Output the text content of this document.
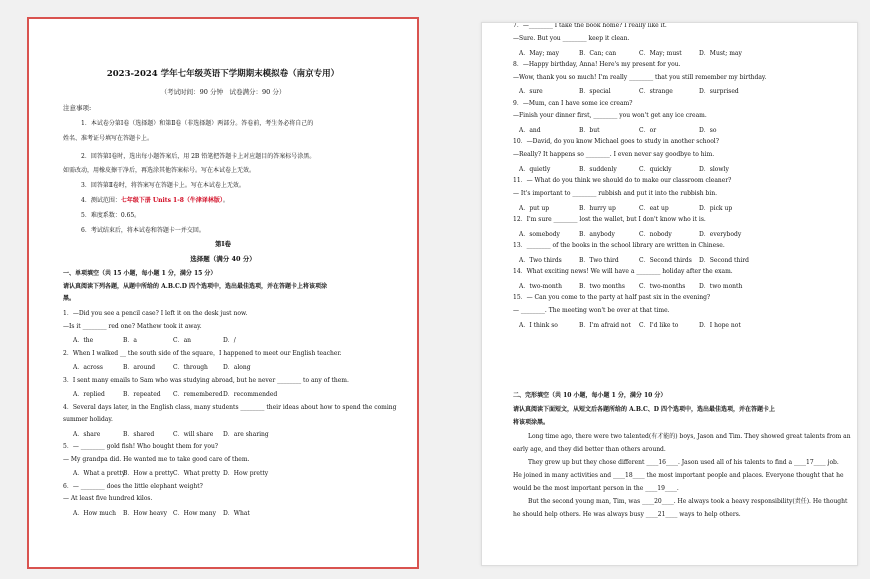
2023-2024 学年七年级英语下学期期末模拟卷（南京专用）
（考试时间：90 分钟　试卷满分：90 分）
注意事项:
1．本试卷分第Ⅰ卷（选择题）和第Ⅱ卷（非选择题）两部分。答卷前，考生务必将自己的
姓名、准考证号填写在答题卡上。
2．回答第Ⅰ卷时，选出每小题答案后，用 2B 铅笔把答题卡上对应题目的答案标号涂黑。
如需改动，用橡皮擦干净后，再选涂其他答案标号。写在本试卷上无效。
3．回答第Ⅱ卷时，将答案写在答题卡上。写在本试卷上无效。
4．测试范围：七年级下册 Units 1-8（牛津译林版）。
5．难度系数：0.65。
6．考试结束后，将本试卷和答题卡一并交回。
第Ⅰ卷
选择题（满分 40 分）
一、单项填空（共 15 小题，每小题 1 分，满分 15 分）
请认真阅读下列各题，从题中所给的 A.B.C.D 四个选项中，选出最佳选项，并在答题卡上将该项涂
黑。
1．—Did you see a pencil case? I left it on the desk just now.
—Is it ________ red one? Mathew took it away.
A．the	B．a	C．an	D．/
2．When I walked __ the south side of the square，I happened to meet our English teacher.
A．across	B．around	C．through	D．along
3．I sent many emails to Sam who was studying abroad, but he never ________ to any of them.
A．replied	B．repeated C．remembered D．recommended
4．Several days later, in the English class, many students ________ their ideas about how to spend the coming
summer holiday.
A．share	B．shared	C．will share D．are sharing
5．— ________ gold fish! Who bought them for you?
— My grandpa did. He wanted me to take good care of them.
A．What a pretty
B．How a pretty C．What pretty D．How pretty
6．— ________ does the little elephant weight?
— At least five hundred kilos.
A．How much B．How heavy C．How many D．What
7．—________ I take the book home? I really like it.
—Sure. But you ________ keep it clean.
A．May; may	B．Can; can	C．May; must	D．Must; may
8．—Happy birthday, Anna! Here's my present for you.
—Wow, thank you so much! I'm really ________ that you still remember my birthday.
A．sure	B．special	C．strange	D．surprised
9．—Mum, can I have some ice cream?
—Finish your dinner first, ________ you won't get any ice cream.
A．and	B．but	C．or	D．so
10．—David, do you know Michael goes to study in another school?
—Really? It happens so ________. I even never say goodbye to him.
A．quietly	B．suddenly	C．quickly	D．slowly
11．— What do you think we should do to make our classroom cleaner?
— It's important to ________ rubbish and put it into the rubbish bin.
A．put up	B．hurry up	C．eat up	D．pick up
12．I'm sure ________ lost the wallet, but I don't know who it is.
A．somebody	B．anybody	C．nobody	D．everybody
13．________ of the books in the school library are written in Chinese.
A．Two thirds	B．Two third	C．Second thirds D．Second third
14．What exciting news! We will have a ________ holiday after the exam.
A．two-month	B．two months C．two-months D．two month
15．— Can you come to the party at half past six in the evening?
— ________. The meeting won't be over at that time.
A．I think so	B．I'm afraid not C．I'd like to	D．I hope not
二、完形填空（共 10 小题，每小题 1 分，满分 10 分）
请认真阅读下面短文，从短文后各题所给的 A.B.C、D 四个选项中，选出最佳选项，并在答题卡上
将该项涂黑。
Long time ago, there were two talented(有才能的) boys, Jason and Tim. They showed great talents from an
early age, and they did better than others around.
They grew up but they chose different ____16____. Jason used all of his talents to find a ____17____ job.
He joined in many activities and ____18____ the most important people and places. Everyone thought that he
would be the most important person in the ____19____.
But the second young man, Tim, was ____20____. He always took a heavy responsibility(责任). He thought
he should help others. He was always busy ____21____ ways to help others.
